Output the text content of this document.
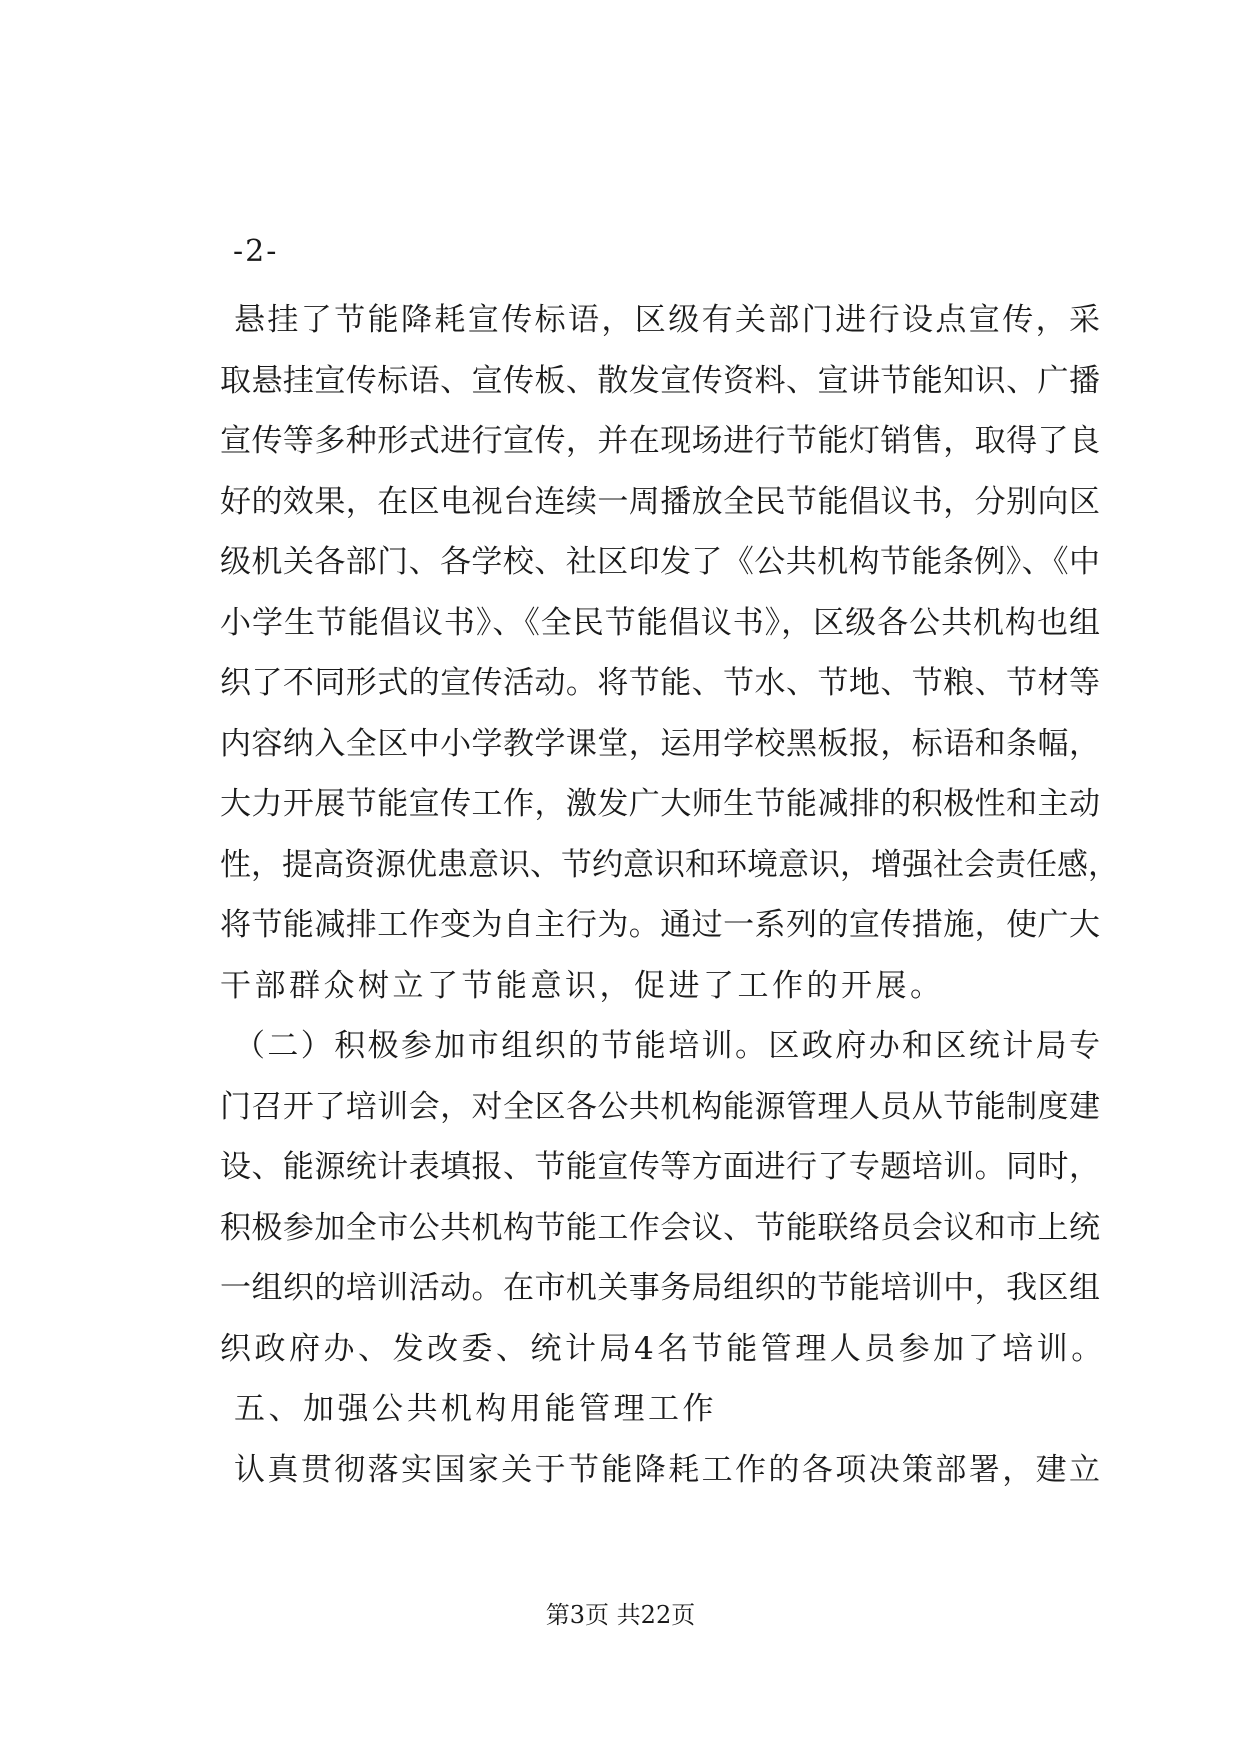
-2-
悬挂了节能降耗宣传标语，区级有关部门进行设点宣传，采
取悬挂宣传标语、宣传板、散发宣传资料、宣讲节能知识、广播
宣传等多种形式进行宣传，并在现场进行节能灯销售，取得了良
好的效果，在区电视台连续一周播放全民节能倡议书，分别向区
级机关各部门、各学校、社区印发了《公共机构节能条例》、《中
小学生节能倡议书》、《全民节能倡议书》，区级各公共机构也组
织了不同形式的宣传活动。将节能、节水、节地、节粮、节材等
内容纳入全区中小学教学课堂，运用学校黑板报，标语和条幅，
大力开展节能宣传工作，激发广大师生节能减排的积极性和主动
性，提高资源优患意识、节约意识和环境意识，增强社会责任感，
将节能减排工作变为自主行为。通过一系列的宣传措施，使广大
干部群众树立了节能意识，促进了工作的开展。
（二）积极参加市组织的节能培训。区政府办和区统计局专
门召开了培训会，对全区各公共机构能源管理人员从节能制度建
设、能源统计表填报、节能宣传等方面进行了专题培训。同时，
积极参加全市公共机构节能工作会议、节能联络员会议和市上统
一组织的培训活动。在市机关事务局组织的节能培训中，我区组
织政府办、发改委、统计局4名节能管理人员参加了培训。
五、加强公共机构用能管理工作
认真贯彻落实国家关于节能降耗工作的各项决策部署，建立
第3页 共22页
